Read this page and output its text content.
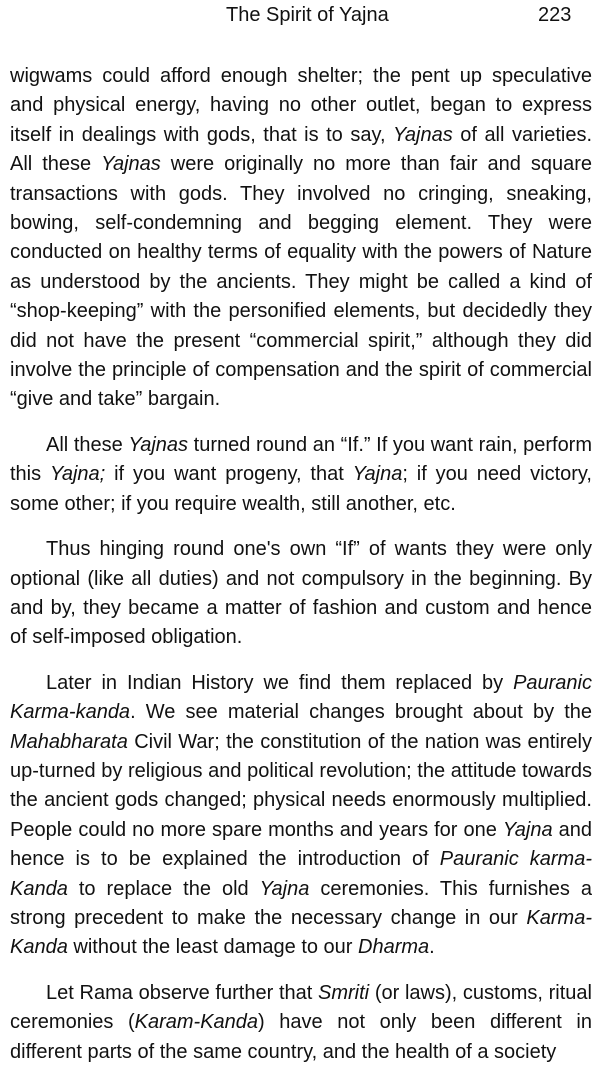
The Spirit of Yajna	223

wigwams could afford enough shelter; the pent up speculative and physical energy, having no other outlet, began to express itself in dealings with gods, that is to say, Yajnas of all varieties. All these Yajnas were originally no more than fair and square transactions with gods. They involved no cringing, sneaking, bowing, self-condemning and begging element. They were conducted on healthy terms of equality with the powers of Nature as understood by the ancients. They might be called a kind of “shop-keeping” with the personified elements, but decidedly they did not have the present “commercial spirit,” although they did involve the principle of compensation and the spirit of commercial “give and take” bargain.

All these Yajnas turned round an “If.” If you want rain, perform this Yajna; if you want progeny, that Yajna; if you need victory, some other; if you require wealth, still another, etc.

Thus hinging round one's own “If” of wants they were only optional (like all duties) and not compulsory in the beginning. By and by, they became a matter of fashion and custom and hence of self-imposed obligation.

Later in Indian History we find them replaced by Pauranic Karma-kanda. We see material changes brought about by the Mahabharata Civil War; the constitution of the nation was entirely up-turned by religious and political revolution; the attitude towards the ancient gods changed; physical needs enormously multiplied. People could no more spare months and years for one Yajna and hence is to be explained the introduction of Pauranic karma-Kanda to replace the old Yajna ceremonies. This furnishes a strong precedent to make the necessary change in our Karma-Kanda without the least damage to our Dharma.

Let Rama observe further that Smriti (or laws), customs, ritual ceremonies (Karam-Kanda) have not only been different in different parts of the same country, and the health of a society
